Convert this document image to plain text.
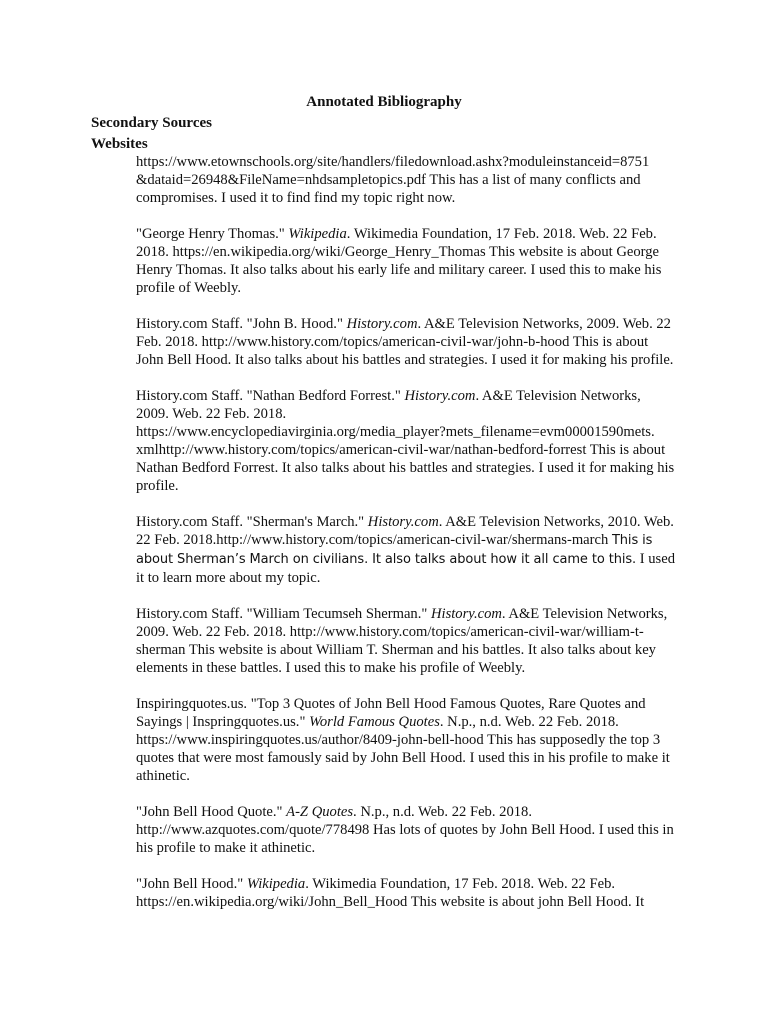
Annotated Bibliography
Secondary Sources
Websites
https://www.etownschools.org/site/handlers/filedownload.ashx?moduleinstanceid=8751
&dataid=26948&FileName=nhdsampletopics.pdf This has a list of many conflicts and compromises. I used it to find find my topic right now.
"George Henry Thomas." Wikipedia. Wikimedia Foundation, 17 Feb. 2018. Web. 22 Feb. 2018. https://en.wikipedia.org/wiki/George_Henry_Thomas This website is about George Henry Thomas. It also talks about his early life and military career. I used this to make his profile of Weebly.
History.com Staff. "John B. Hood." History.com. A&E Television Networks, 2009. Web. 22 Feb. 2018. http://www.history.com/topics/american-civil-war/john-b-hood This is about John Bell Hood. It also talks about his battles and strategies. I used it for making his profile.
History.com Staff. "Nathan Bedford Forrest." History.com. A&E Television Networks, 2009. Web. 22 Feb. 2018.
https://www.encyclopediavirginia.org/media_player?mets_filename=evm00001590mets.
xmlhttp://www.history.com/topics/american-civil-war/nathan-bedford-forrest This is about Nathan Bedford Forrest. It also talks about his battles and strategies. I used it for making his profile.
History.com Staff. "Sherman's March." History.com. A&E Television Networks, 2010. Web. 22 Feb. 2018.http://www.history.com/topics/american-civil-war/shermans-march This is about Sherman’s March on civilians. It also talks about how it all came to this. I used it to learn more about my topic.
History.com Staff. "William Tecumseh Sherman." History.com. A&E Television Networks, 2009. Web. 22 Feb. 2018. http://www.history.com/topics/american-civil-war/william-t-sherman This website is about William T. Sherman and his battles. It also talks about key elements in these battles. I used this to make his profile of Weebly.
Inspiringquotes.us. "Top 3 Quotes of John Bell Hood Famous Quotes, Rare Quotes and Sayings | Inspringquotes.us." World Famous Quotes. N.p., n.d. Web. 22 Feb. 2018. https://www.inspiringquotes.us/author/8409-john-bell-hood This has supposedly the top 3 quotes that were most famously said by John Bell Hood. I used this in his profile to make it athinetic.
"John Bell Hood Quote." A-Z Quotes. N.p., n.d. Web. 22 Feb. 2018. http://www.azquotes.com/quote/778498 Has lots of quotes by John Bell Hood. I used this in his profile to make it athinetic.
"John Bell Hood." Wikipedia. Wikimedia Foundation, 17 Feb. 2018. Web. 22 Feb. https://en.wikipedia.org/wiki/John_Bell_Hood This website is about john Bell Hood. It
